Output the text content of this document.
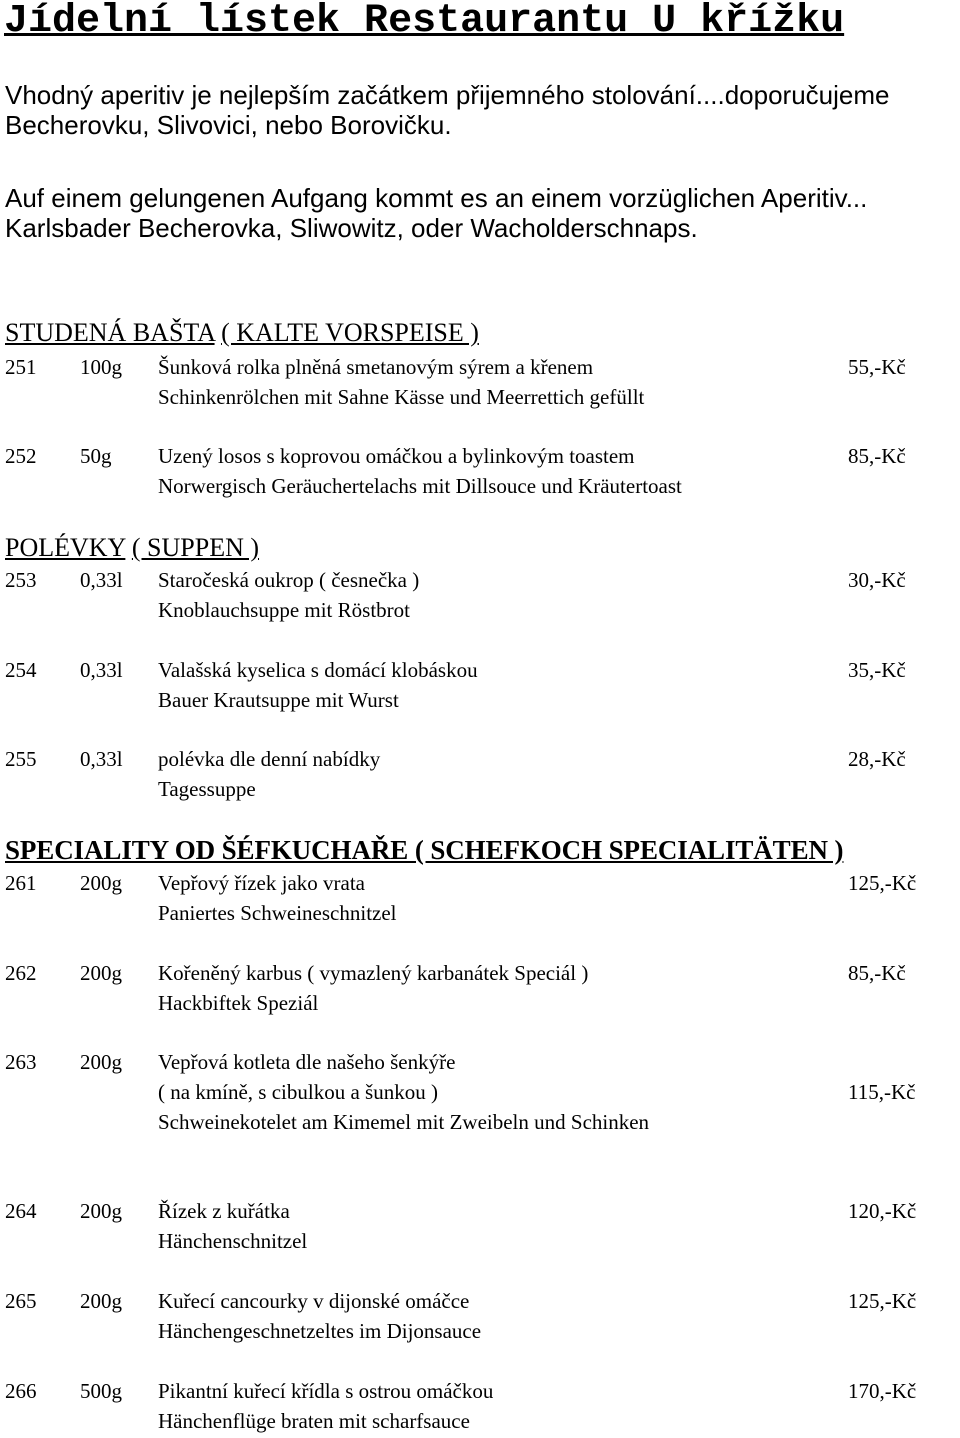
Jídelní lístek Restaurantu U křížku
Vhodný aperitiv je nejlepším začátkem přijemného stolování....doporučujeme
Becherovku, Slivovici, nebo Borovičku.
Auf einem gelungenen Aufgang kommt es an einem vorzüglichen Aperitiv...
Karlsbader Becherovka, Sliwowitz, oder Wacholderschnaps.
STUDENÁ BAŠTA ( KALTE VORSPEISE )
251 100g Šunková rolka plněná smetanovým sýrem a křenem
Schinkenrölchen mit Sahne Kässe und Meerrettich gefüllt
55,-Kč
252 50g Uzený losos s koprovou omáčkou a bylinkovým toastem
Norwergisch Geräuchertelachs mit Dillsouce und Kräutertoast
85,-Kč
POLÉVKY ( SUPPEN )
253 0,33l Staročeská oukrop ( česnečka )
Knoblauchsuppe mit Röstbrot
30,-Kč
254 0,33l Valašská kyselica s domácí klobáskou
Bauer Krautsuppe mit Wurst
35,-Kč
255 0,33l polévka dle denní nabídky
Tagessuppe
28,-Kč
SPECIALITY OD ŠÉFKUCHAŘE ( SCHEFKOCH SPECIALITÄTEN )
261 200g Vepřový řízek jako vrata
Paniertes Schweineschnitzel
125,-Kč
262 200g Kořeněný karbus ( vymazlený karbanátek Speciál )
Hackbiftek Speziál
85,-Kč
263 200g Vepřová kotleta dle našeho šenkýře
( na kmíně, s cibulkou a šunkou )
Schweinekotelet am Kimemel mit Zweibeln und Schinken
115,-Kč
264 200g Řízek z kuřátka
Hänchenschnitzel
120,-Kč
265 200g Kuřecí cancourky v dijonské omáčce
Hänchengeschnetzeltes im Dijonsauce
125,-Kč
266 500g Pikantní kuřecí křídla s ostrou omáčkou
Hänchenflüge braten mit scharfsauce
170,-Kč
